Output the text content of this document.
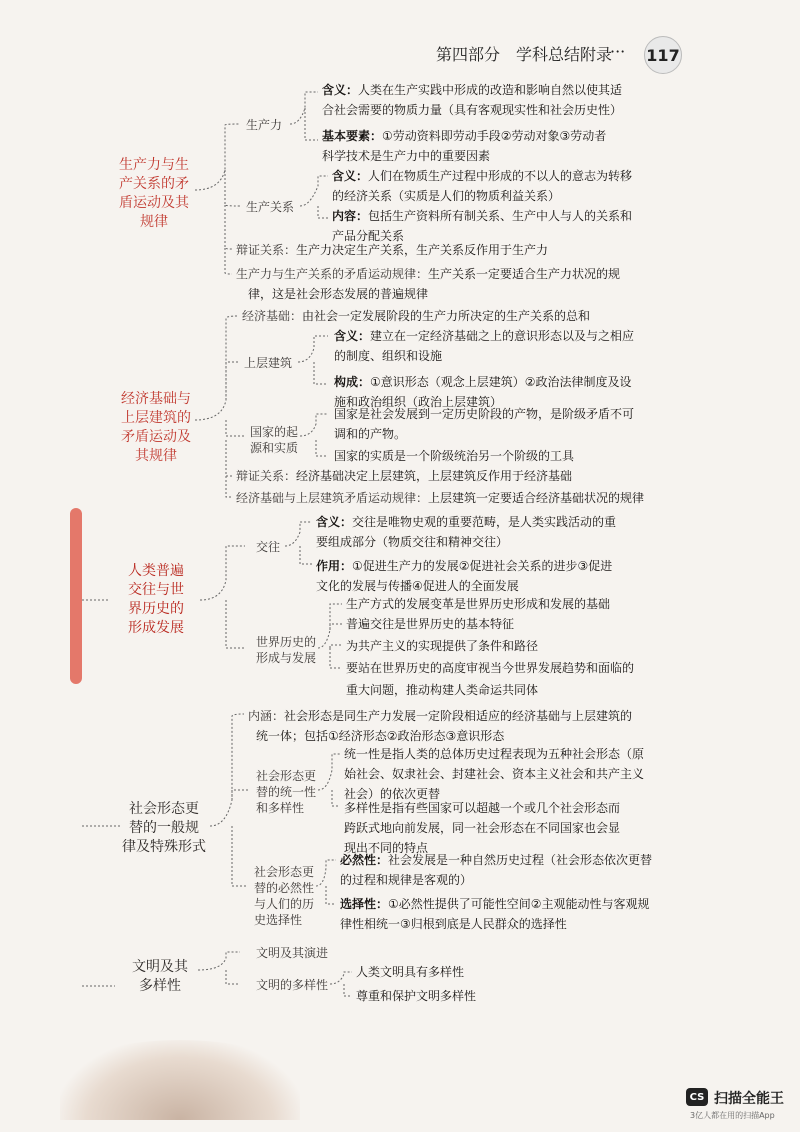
第四部分　学科总结附录
··· 117
生产力与生
产关系的矛
盾运动及其
规律
生产力
含义：人类在生产实践中形成的改造和影响自然以使其适
合社会需要的物质力量（具有客观现实性和社会历史性）
基本要素：①劳动资料即劳动手段②劳动对象③劳动者
科学技术是生产力中的重要因素
生产关系
含义：人们在物质生产过程中形成的不以人的意志为转移
的经济关系（实质是人们的物质利益关系）
内容：包括生产资料所有制关系、生产中人与人的关系和
产品分配关系
辩证关系：生产力决定生产关系，生产关系反作用于生产力
生产力与生产关系的矛盾运动规律：生产关系一定要适合生产力状况的规
律，这是社会形态发展的普遍规律
经济基础与
上层建筑的
矛盾运动及
其规律
经济基础：由社会一定发展阶段的生产力所决定的生产关系的总和
上层建筑
含义：建立在一定经济基础之上的意识形态以及与之相应
的制度、组织和设施
构成：①意识形态（观念上层建筑）②政治法律制度及设
施和政治组织（政治上层建筑）
国家的起
源和实质
国家是社会发展到一定历史阶段的产物，是阶级矛盾不可
调和的产物。
国家的实质是一个阶级统治另一个阶级的工具
辩证关系：经济基础决定上层建筑，上层建筑反作用于经济基础
经济基础与上层建筑矛盾运动规律：上层建筑一定要适合经济基础状况的规律
人类普遍
交往与世
界历史的
形成发展
交往
含义：交往是唯物史观的重要范畴，是人类实践活动的重
要组成部分（物质交往和精神交往）
作用：①促进生产力的发展②促进社会关系的进步③促进
文化的发展与传播④促进人的全面发展
世界历史的
形成与发展
生产方式的发展变革是世界历史形成和发展的基础
普遍交往是世界历史的基本特征
为共产主义的实现提供了条件和路径
要站在世界历史的高度审视当今世界发展趋势和面临的
重大问题，推动构建人类命运共同体
社会形态更
替的一般规
律及特殊形式
内涵：社会形态是同生产力发展一定阶段相适应的经济基础与上层建筑的
统一体；包括①经济形态②政治形态③意识形态
社会形态更
替的统一性
和多样性
统一性是指人类的总体历史过程表现为五种社会形态（原
始社会、奴隶社会、封建社会、资本主义社会和共产主义
社会）的依次更替
多样性是指有些国家可以超越一个或几个社会形态而
跨跃式地向前发展，同一社会形态在不同国家也会显
现出不同的特点
社会形态更
替的必然性
与人们的历
史选择性
必然性：社会发展是一种自然历史过程（社会形态依次更替
的过程和规律是客观的）
选择性：①必然性提供了可能性空间②主观能动性与客观规
律性相统一③归根到底是人民群众的选择性
文明及其
多样性
文明及其演进
文明的多样性
人类文明具有多样性
尊重和保护文明多样性
CS 扫描全能王
3亿人都在用的扫描App
